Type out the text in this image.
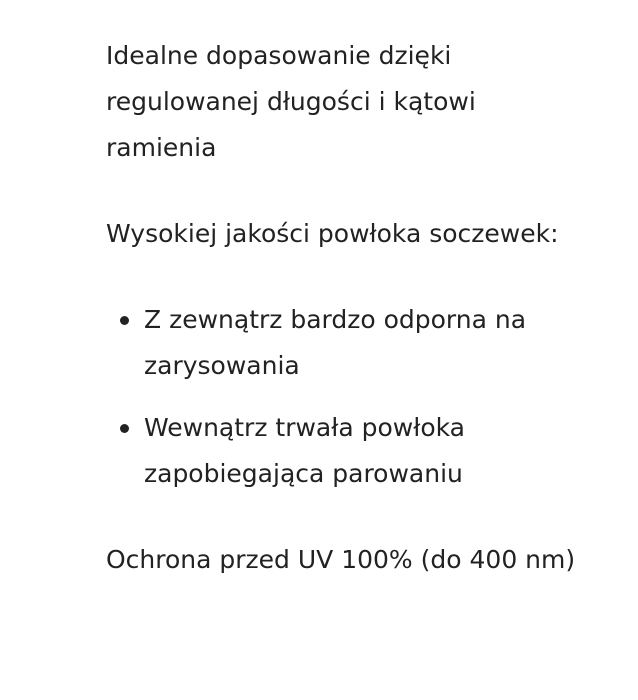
Idealne dopasowanie dzięki regulowanej długości i kątowi ramienia

Wysokiej jakości powłoka soczewek:

Z zewnątrz bardzo odporna na zarysowania
Wewnątrz trwała powłoka zapobiegająca parowaniu

Ochrona przed UV 100% (do 400 nm)
